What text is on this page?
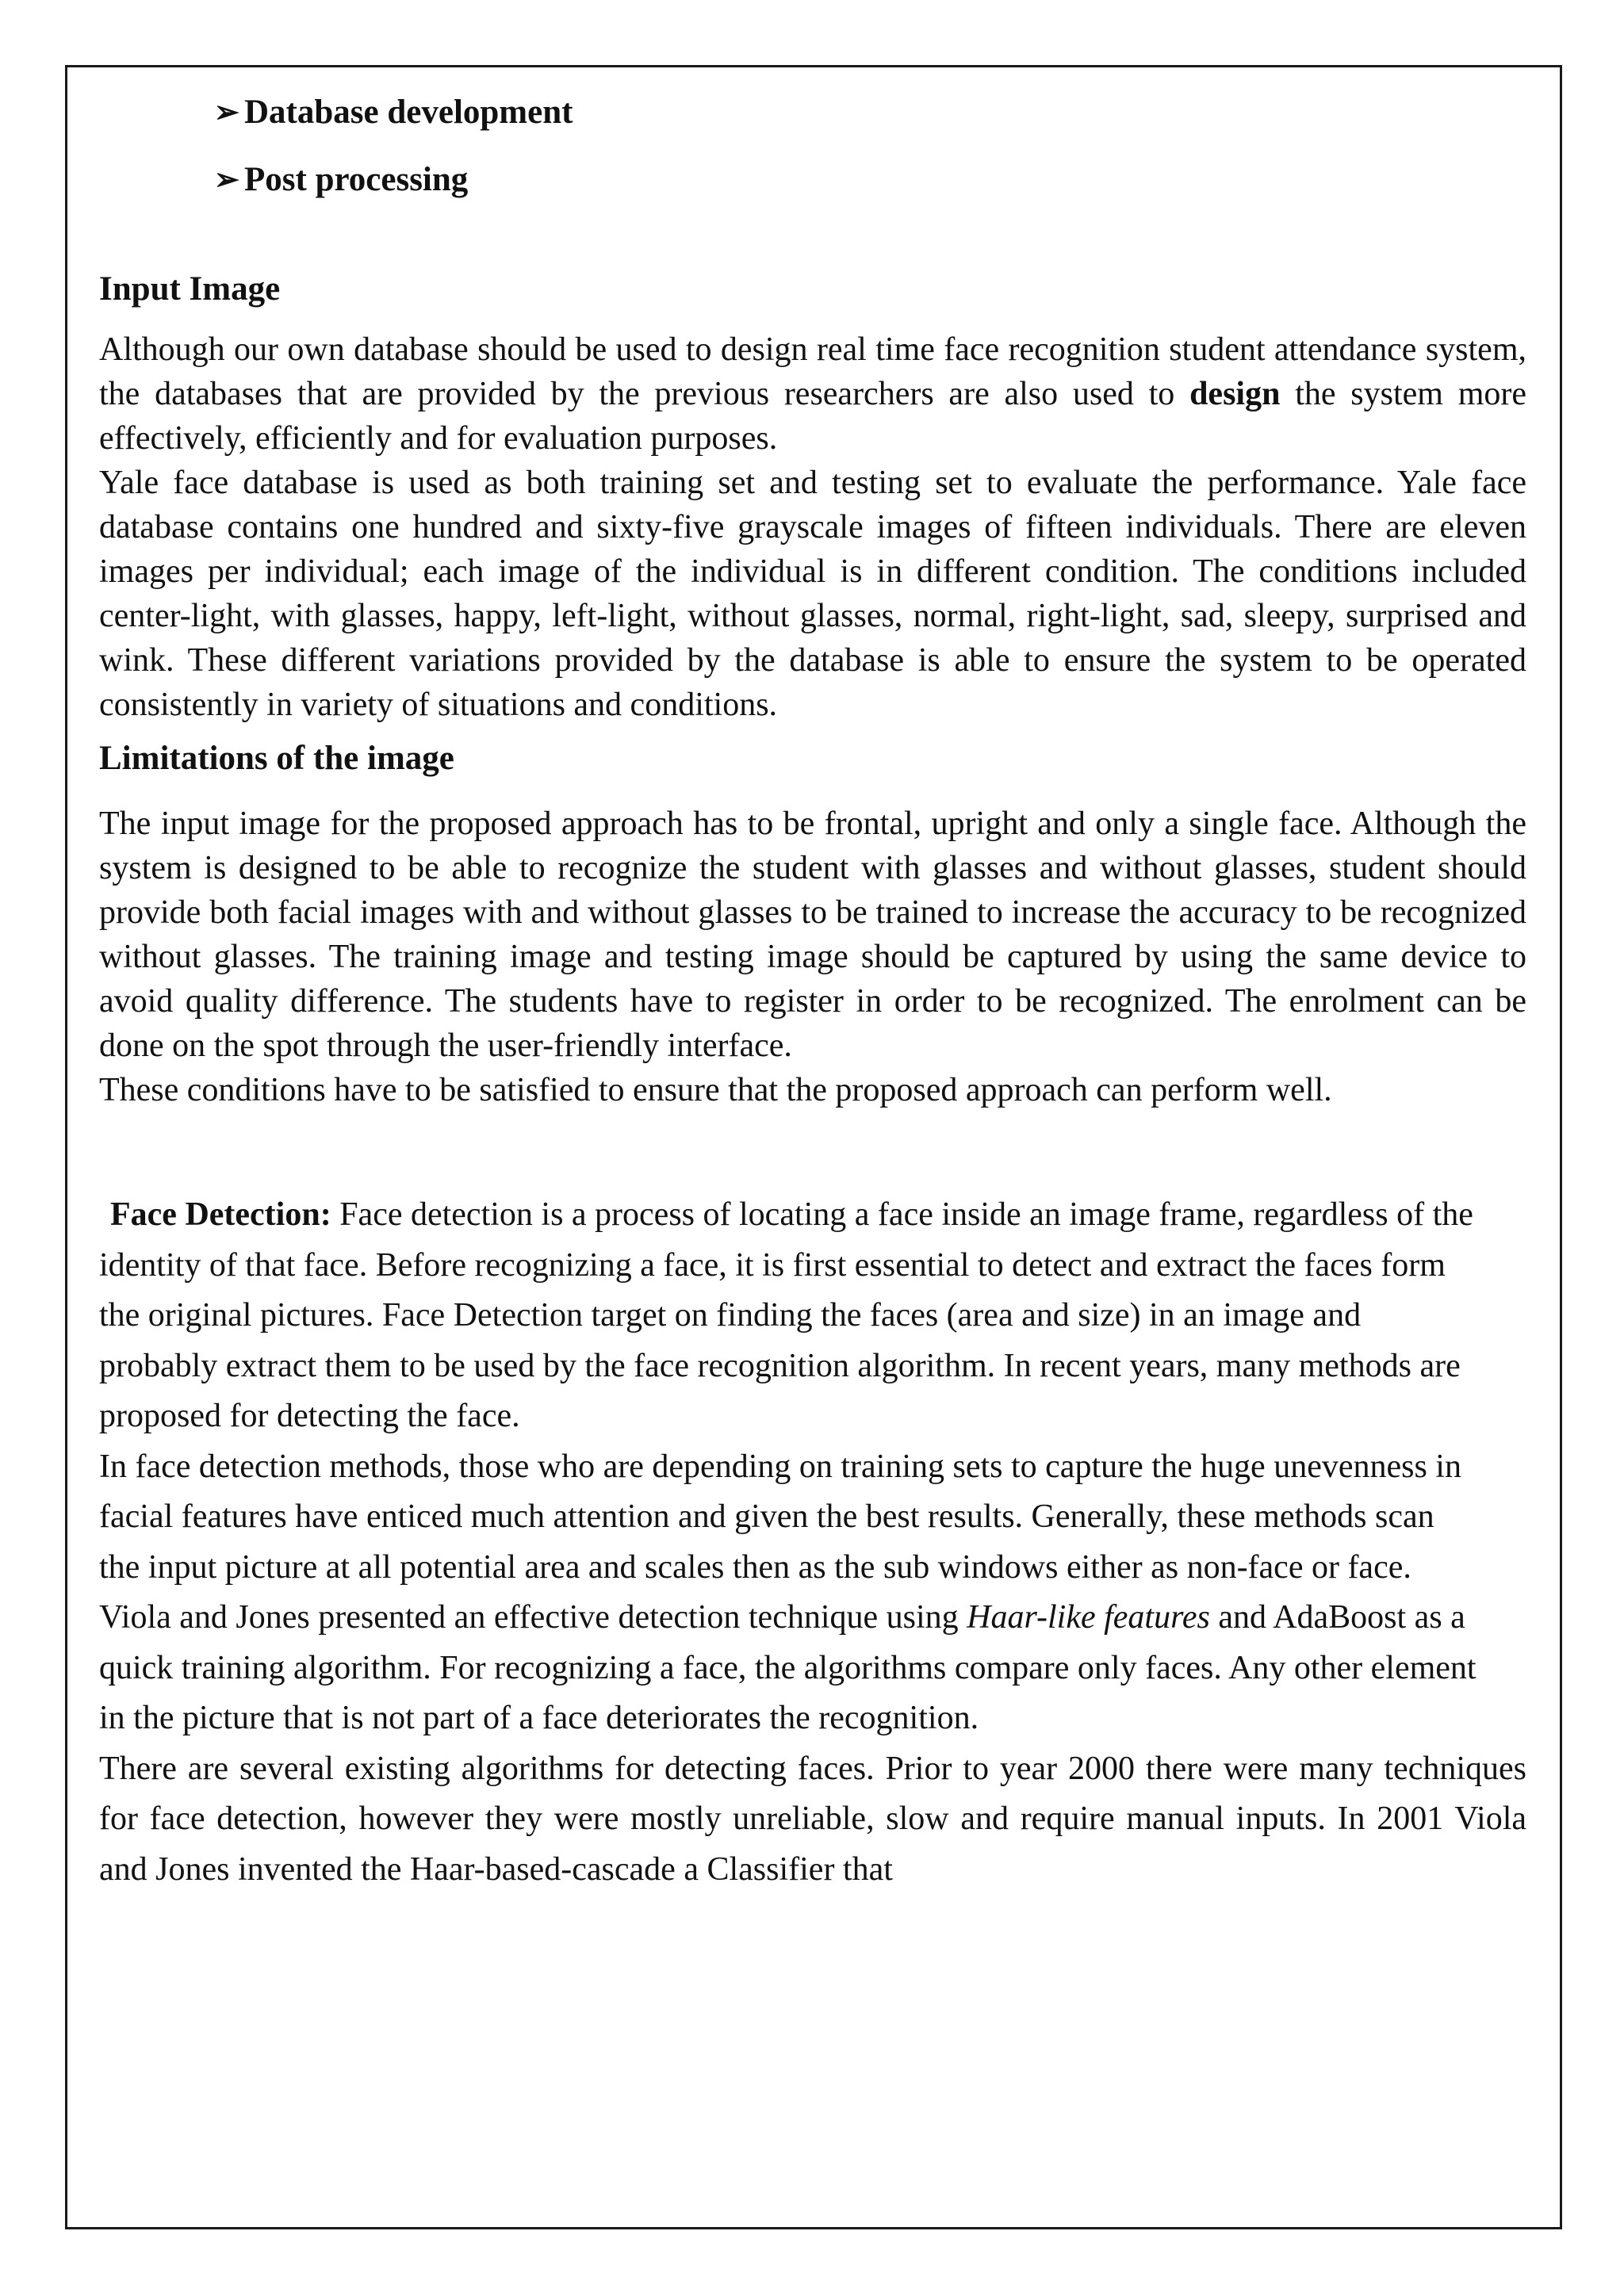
➢ Database development
➢ Post processing
Input Image

Although our own database should be used to design real time face recognition student attendance system, the databases that are provided by the previous researchers are also used to design the system more effectively, efficiently and for evaluation purposes.

Yale face database is used as both training set and testing set to evaluate the performance. Yale face database contains one hundred and sixty-five grayscale images of fifteen individuals. There are eleven images per individual; each image of the individual is in different condition. The conditions included center-light, with glasses, happy, left-light, without glasses, normal, right-light, sad, sleepy, surprised and wink. These different variations provided by the database is able to ensure the system to be operated consistently in variety of situations and conditions.

Limitations of the image

The input image for the proposed approach has to be frontal, upright and only a single face. Although the system is designed to be able to recognize the student with glasses and without glasses, student should provide both facial images with and without glasses to be trained to increase the accuracy to be recognized without glasses. The training image and testing image should be captured by using the same device to avoid quality difference. The students have to register in order to be recognized. The enrolment can be done on the spot through the user-friendly interface.

These conditions have to be satisfied to ensure that the proposed approach can perform well.

Face Detection: Face detection is a process of locating a face inside an image frame, regardless of the identity of that face. Before recognizing a face, it is first essential to detect and extract the faces form the original pictures. Face Detection target on finding the faces (area and size) in an image and probably extract them to be used by the face recognition algorithm. In recent years, many methods are proposed for detecting the face.

In face detection methods, those who are depending on training sets to capture the huge unevenness in facial features have enticed much attention and given the best results. Generally, these methods scan the input picture at all potential area and scales then as the sub windows either as non-face or face. Viola and Jones presented an effective detection technique using Haar-like features and AdaBoost as a quick training algorithm. For recognizing a face, the algorithms compare only faces. Any other element in the picture that is not part of a face deteriorates the recognition.

There are several existing algorithms for detecting faces. Prior to year 2000 there were many techniques for face detection, however they were mostly unreliable, slow and require manual inputs. In 2001 Viola and Jones invented the Haar-based-cascade a Classifier that
